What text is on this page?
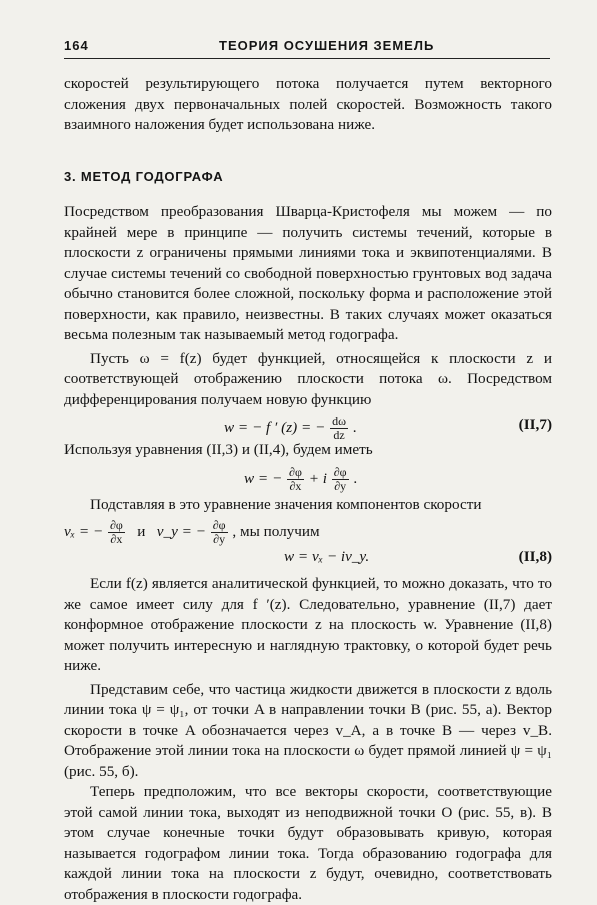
164	ТЕОРИЯ ОСУШЕНИЯ ЗЕМЕЛЬ

скоростей результирующего потока получается путем векторного сложения двух первоначальных полей скоростей. Возможность такого взаимного наложения будет использована ниже.

3. МЕТОД ГОДОГРАФА

Посредством преобразования Шварца-Кристофеля мы можем — по крайней мере в принципе — получить системы течений, которые в плоскости z ограничены прямыми линиями тока и эквипотенциалями. В случае системы течений со свободной поверхностью грунтовых вод задача обычно становится более сложной, поскольку форма и расположение этой поверхности, как правило, неизвестны. В таких случаях может оказаться весьма полезным так называемый метод годографа.

Пусть ω = f(z) будет функцией, относящейся к плоскости z и соответствующей отображению плоскости потока ω. Посредством дифференцирования получаем новую функцию

w = − f ′ (z) = − $\frac{d\omega}{dz}$ .	(II,7)

Используя уравнения (II,3) и (II,4), будем иметь

w = − $\frac{\partial\varphi}{\partial x} + i \frac{\partial\varphi}{\partial y}$ .

Подставляя в это уравнение значения компонентов скорости

vₓ = − $\frac{\partial\varphi}{\partial x}$ и v_y = − $\frac{\partial\varphi}{\partial y}$ , мы получим
w = vₓ − iv_y.	(II,8)

Если f(z) является аналитической функцией, то можно доказать, что то же самое имеет силу для f ′(z). Следовательно, уравнение (II,7) дает конформное отображение плоскости z на плоскость w. Уравнение (II,8) может получить интересную и наглядную трактовку, о которой будет речь ниже.

Представим себе, что частица жидкости движется в плоскости z вдоль линии тока ψ = ψ₁, от точки A в направлении точки B (рис. 55, а). Вектор скорости в точке A обозначается через v_A, а в точке B — через v_B. Отображение этой линии тока на плоскости ω будет прямой линией ψ = ψ₁ (рис. 55, б).

Теперь предположим, что все векторы скорости, соответствующие этой самой линии тока, выходят из неподвижной точки O (рис. 55, в). В этом случае конечные точки будут образовывать кривую, которая называется годографом линии тока. Тогда образованию годографа для каждой линии тока на плоскости z будут, очевидно, соответствовать отображения в плоскости годографа.
